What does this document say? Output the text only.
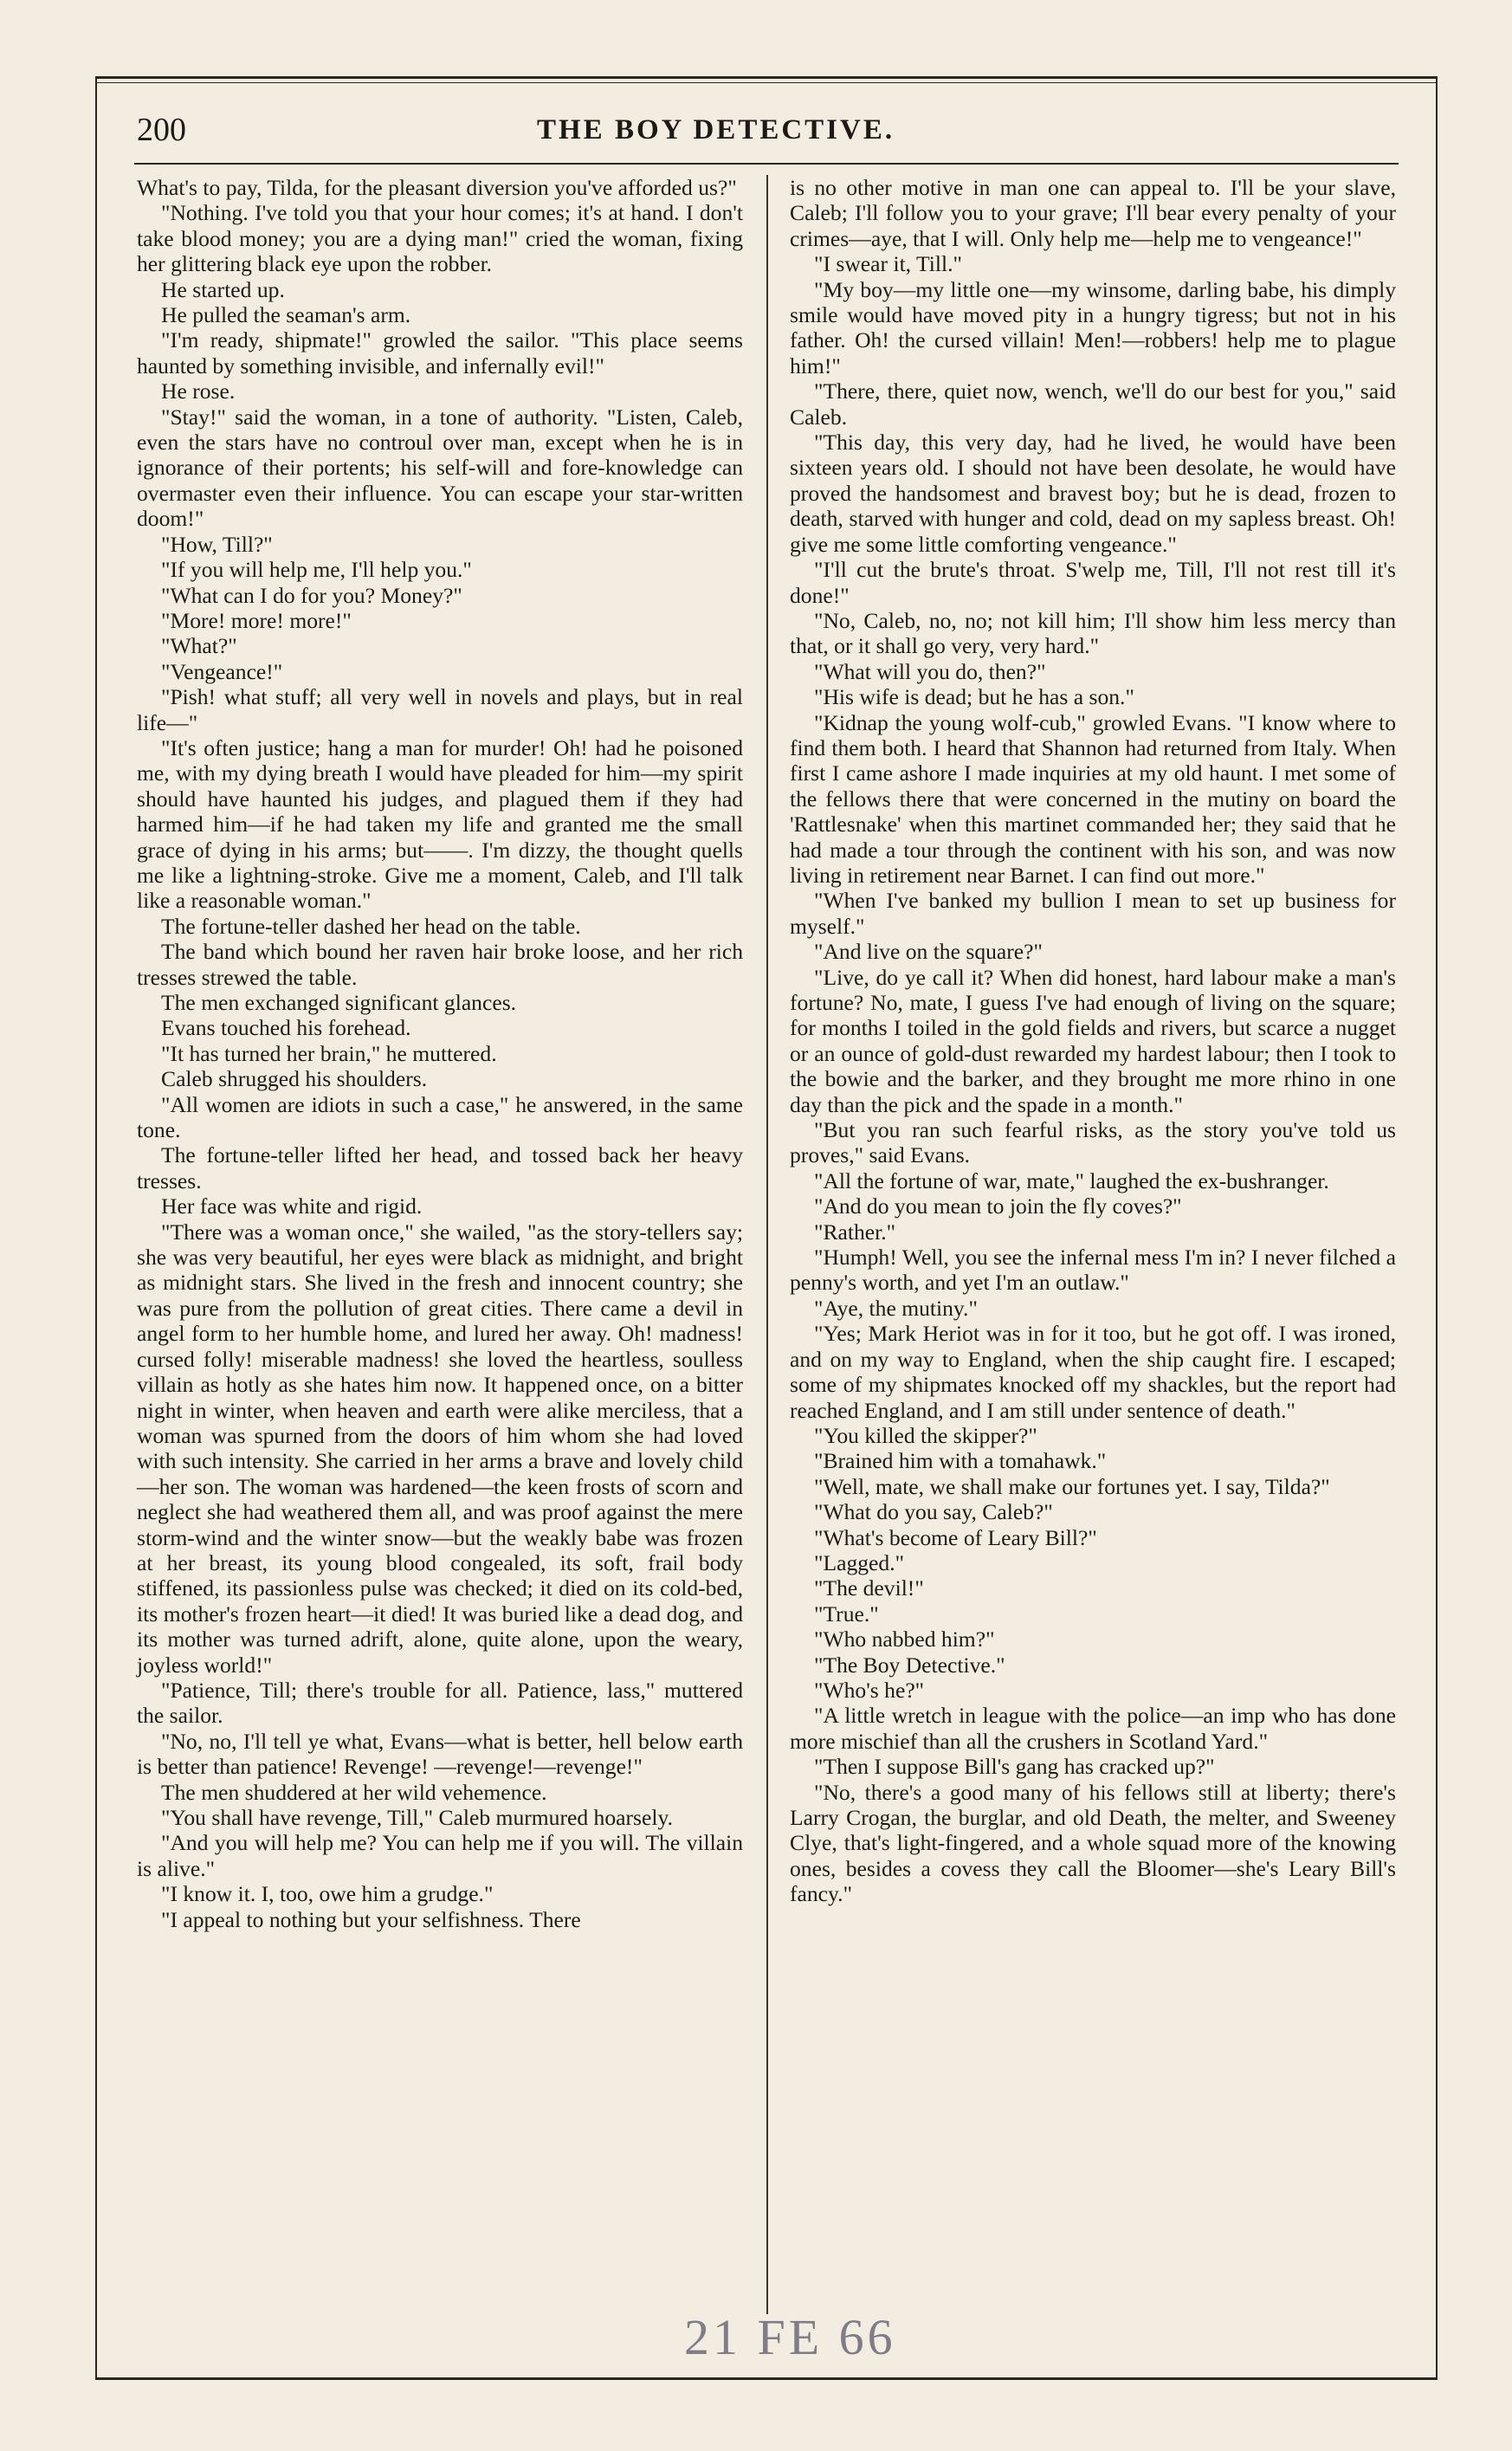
200	THE BOY DETECTIVE.

What's to pay, Tilda, for the pleasant diversion you've afforded us?"

"Nothing. I've told you that your hour comes; it's at hand. I don't take blood money; you are a dying man!" cried the woman, fixing her glittering black eye upon the robber.

He started up.

He pulled the seaman's arm.

"I'm ready, shipmate!" growled the sailor. "This place seems haunted by something invisible, and infernally evil!"

He rose.

"Stay!" said the woman, in a tone of authority. "Listen, Caleb, even the stars have no controul over man, except when he is in ignorance of their portents; his self-will and fore-knowledge can overmaster even their influence. You can escape your star-written doom!"

"How, Till?"

"If you will help me, I'll help you."

"What can I do for you? Money?"

"More! more! more!"

"What?"

"Vengeance!"

"Pish! what stuff; all very well in novels and plays, but in real life—"

"It's often justice; hang a man for murder! Oh! had he poisoned me, with my dying breath I would have pleaded for him—my spirit should have haunted his judges, and plagued them if they had harmed him—if he had taken my life and granted me the small grace of dying in his arms; but——. I'm dizzy, the thought quells me like a lightning-stroke. Give me a moment, Caleb, and I'll talk like a reasonable woman."

The fortune-teller dashed her head on the table.

The band which bound her raven hair broke loose, and her rich tresses strewed the table.

The men exchanged significant glances.

Evans touched his forehead.

"It has turned her brain," he muttered.

Caleb shrugged his shoulders.

"All women are idiots in such a case," he answered, in the same tone.

The fortune-teller lifted her head, and tossed back her heavy tresses.

Her face was white and rigid.

"There was a woman once," she wailed, "as the story-tellers say; she was very beautiful, her eyes were black as midnight, and bright as midnight stars. She lived in the fresh and innocent country; she was pure from the pollution of great cities. There came a devil in angel form to her humble home, and lured her away. Oh! madness! cursed folly! miserable madness! she loved the heartless, soulless villain as hotly as she hates him now. It happened once, on a bitter night in winter, when heaven and earth were alike merciless, that a woman was spurned from the doors of him whom she had loved with such intensity. She carried in her arms a brave and lovely child—her son. The woman was hardened—the keen frosts of scorn and neglect she had weathered them all, and was proof against the mere storm-wind and the winter snow—but the weakly babe was frozen at her breast, its young blood congealed, its soft, frail body stiffened, its passionless pulse was checked; it died on its cold-bed, its mother's frozen heart—it died! It was buried like a dead dog, and its mother was turned adrift, alone, quite alone, upon the weary, joyless world!"

"Patience, Till; there's trouble for all. Patience, lass," muttered the sailor.

"No, no, I'll tell ye what, Evans—what is better, hell below earth is better than patience! Revenge! —revenge!—revenge!"

The men shuddered at her wild vehemence.

"You shall have revenge, Till," Caleb murmured hoarsely.

"And you will help me? You can help me if you will. The villain is alive."

"I know it. I, too, owe him a grudge."

"I appeal to nothing but your selfishness. There

is no other motive in man one can appeal to. I'll be your slave, Caleb; I'll follow you to your grave; I'll bear every penalty of your crimes—aye, that I will. Only help me—help me to vengeance!"

"I swear it, Till."

"My boy—my little one—my winsome, darling babe, his dimply smile would have moved pity in a hungry tigress; but not in his father. Oh! the cursed villain! Men!—robbers! help me to plague him!"

"There, there, quiet now, wench, we'll do our best for you," said Caleb.

"This day, this very day, had he lived, he would have been sixteen years old. I should not have been desolate, he would have proved the handsomest and bravest boy; but he is dead, frozen to death, starved with hunger and cold, dead on my sapless breast. Oh! give me some little comforting vengeance."

"I'll cut the brute's throat. S'welp me, Till, I'll not rest till it's done!"

"No, Caleb, no, no; not kill him; I'll show him less mercy than that, or it shall go very, very hard."

"What will you do, then?"

"His wife is dead; but he has a son."

"Kidnap the young wolf-cub," growled Evans. "I know where to find them both. I heard that Shannon had returned from Italy. When first I came ashore I made inquiries at my old haunt. I met some of the fellows there that were concerned in the mutiny on board the 'Rattlesnake' when this martinet commanded her; they said that he had made a tour through the continent with his son, and was now living in retirement near Barnet. I can find out more."

"When I've banked my bullion I mean to set up business for myself."

"And live on the square?"

"Live, do ye call it? When did honest, hard labour make a man's fortune? No, mate, I guess I've had enough of living on the square; for months I toiled in the gold fields and rivers, but scarce a nugget or an ounce of gold-dust rewarded my hardest labour; then I took to the bowie and the barker, and they brought me more rhino in one day than the pick and the spade in a month."

"But you ran such fearful risks, as the story you've told us proves," said Evans.

"All the fortune of war, mate," laughed the ex-bushranger.

"And do you mean to join the fly coves?"

"Rather."

"Humph! Well, you see the infernal mess I'm in? I never filched a penny's worth, and yet I'm an outlaw."

"Aye, the mutiny."

"Yes; Mark Heriot was in for it too, but he got off. I was ironed, and on my way to England, when the ship caught fire. I escaped; some of my shipmates knocked off my shackles, but the report had reached England, and I am still under sentence of death."

"You killed the skipper?"

"Brained him with a tomahawk."

"Well, mate, we shall make our fortunes yet. I say, Tilda?"

"What do you say, Caleb?"

"What's become of Leary Bill?"

"Lagged."

"The devil!"

"True."

"Who nabbed him?"

"The Boy Detective."

"Who's he?"

"A little wretch in league with the police—an imp who has done more mischief than all the crushers in Scotland Yard."

"Then I suppose Bill's gang has cracked up?"

"No, there's a good many of his fellows still at liberty; there's Larry Crogan, the burglar, and old Death, the melter, and Sweeney Clye, that's light-fingered, and a whole squad more of the knowing ones, besides a covess they call the Bloomer—she's Leary Bill's fancy."

21 FE 66
